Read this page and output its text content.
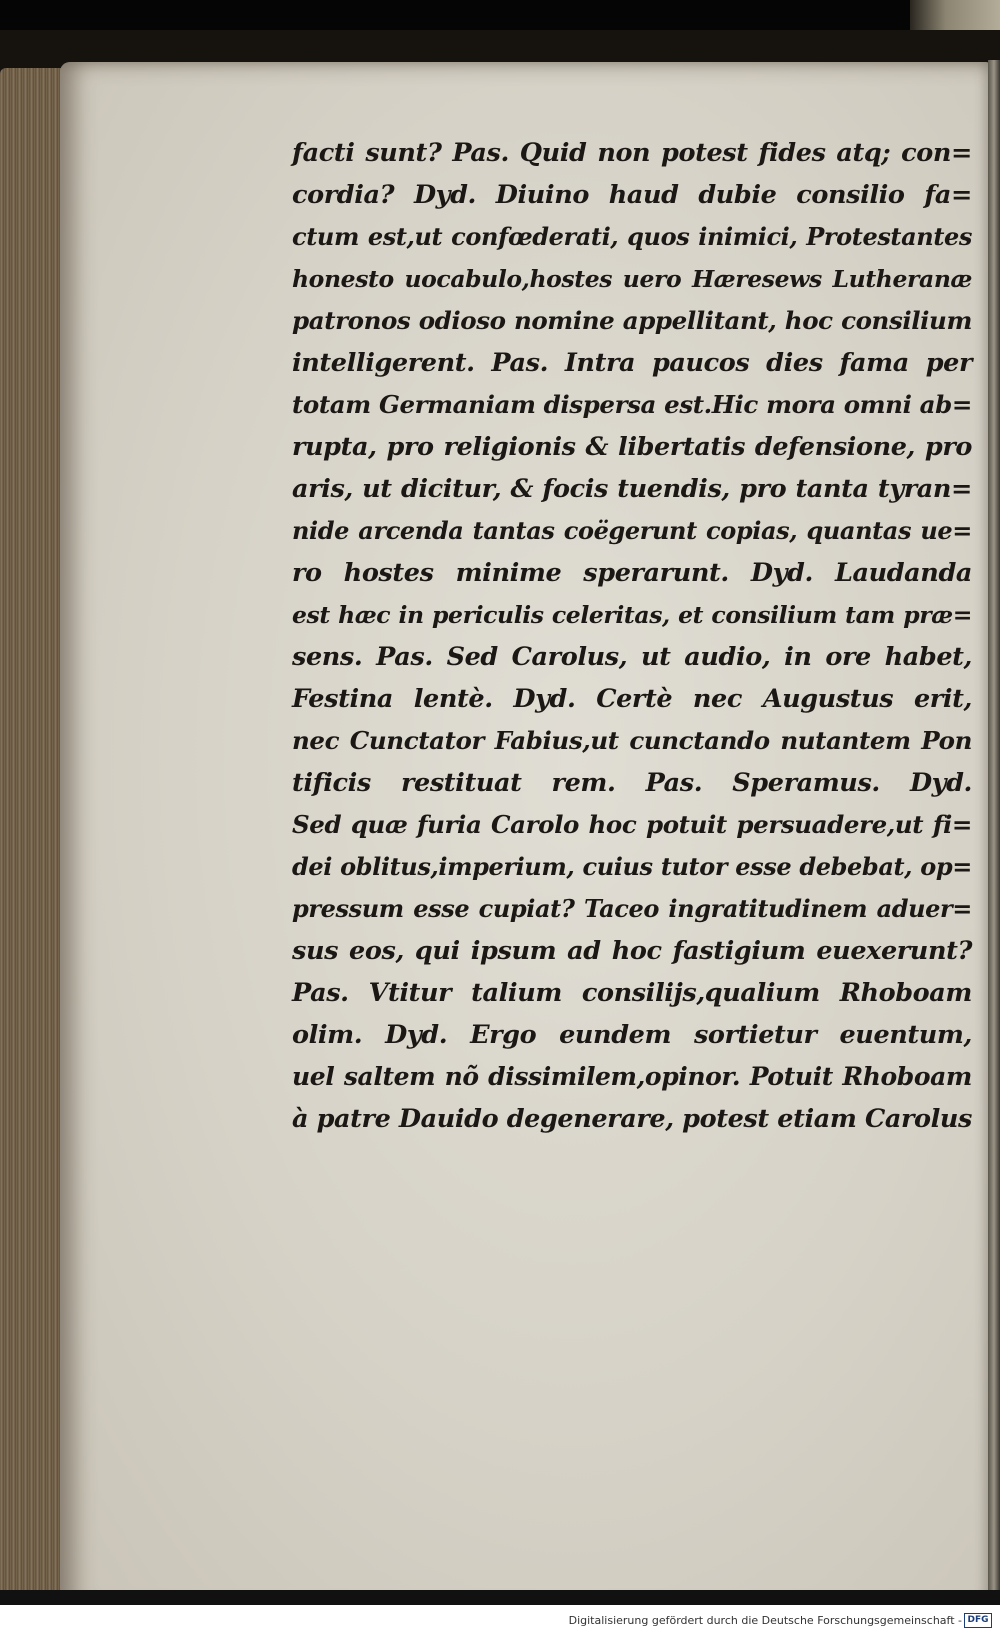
facti sunt? Pas. Quid non potest fides atq; con=
cordia? Dyd. Diuino haud dubie consilio fa=
ctum est,ut confœderati, quos inimici, Protestantes
honesto uocabulo,hostes uero Hæresews Lutheranæ
patronos odioso nomine appellitant, hoc consilium
intelligerent. Pas. Intra paucos dies fama per
totam Germaniam dispersa est.Hic mora omni ab=
rupta, pro religionis & libertatis defensione, pro
aris, ut dicitur, & focis tuendis, pro tanta tyran=
nide arcenda tantas coëgerunt copias, quantas ue=
ro hostes minime sperarunt. Dyd. Laudanda
est hæc in periculis celeritas, et consilium tam præ=
sens. Pas. Sed Carolus, ut audio, in ore habet,
Festina lentè. Dyd. Certè nec Augustus erit,
nec Cunctator Fabius,ut cunctando nutantem Pon
tificis restituat rem. Pas. Speramus. Dyd.
Sed quæ furia Carolo hoc potuit persuadere,ut fi=
dei oblitus,imperium, cuius tutor esse debebat, op=
pressum esse cupiat? Taceo ingratitudinem aduer=
sus eos, qui ipsum ad hoc fastigium euexerunt?
Pas. Vtitur talium consilijs,qualium Rhoboam
olim. Dyd. Ergo eundem sortietur euentum,
uel saltem nõ dissimilem,opinor. Potuit Rhoboam
à patre Dauido degenerare, potest etiam Carolus
Digitalisierung gefördert durch die Deutsche Forschungsgemeinschaft - DFG
